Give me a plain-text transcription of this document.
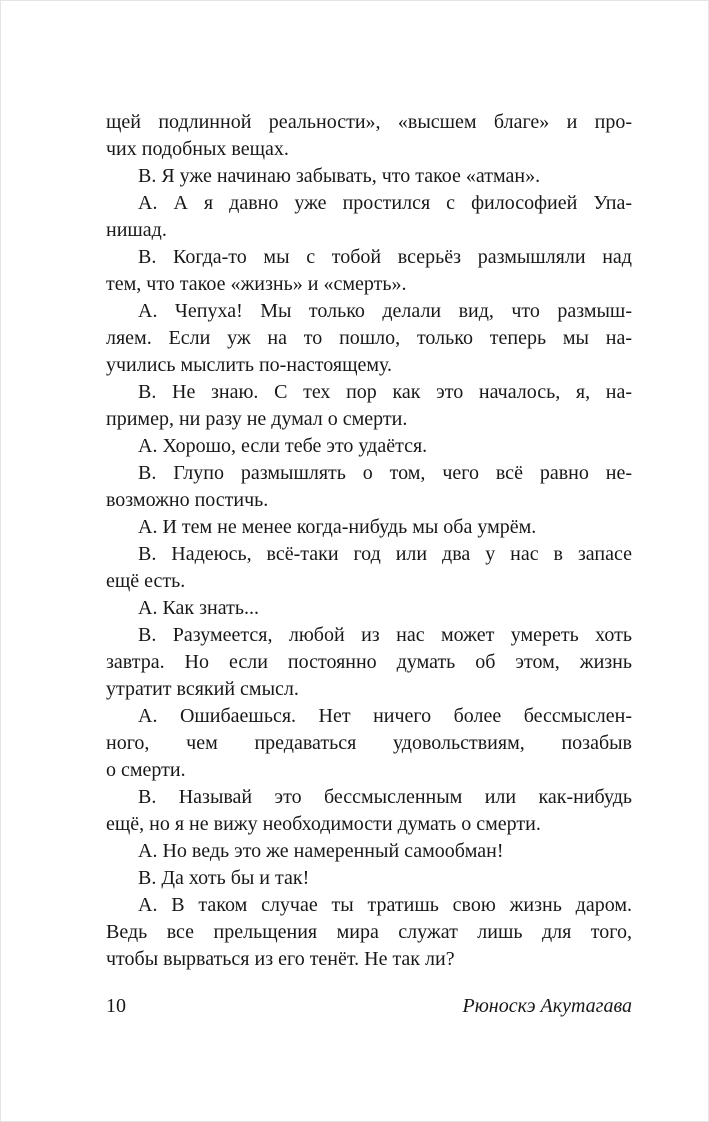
щей подлинной реальности», «высшем благе» и про-
чих подобных вещах.
В. Я уже начинаю забывать, что такое «атман».
А. А я давно уже простился с философией Упа-
нишад.
В. Когда-то мы с тобой всерьёз размышляли над
тем, что такое «жизнь» и «смерть».
А. Чепуха! Мы только делали вид, что размыш-
ляем. Если уж на то пошло, только теперь мы на-
учились мыслить по-настоящему.
В. Не знаю. С тех пор как это началось, я, на-
пример, ни разу не думал о смерти.
А. Хорошо, если тебе это удаётся.
В. Глупо размышлять о том, чего всё равно не-
возможно постичь.
А. И тем не менее когда-нибудь мы оба умрём.
В. Надеюсь, всё-таки год или два у нас в запасе
ещё есть.
А. Как знать...
В. Разумеется, любой из нас может умереть хоть
завтра. Но если постоянно думать об этом, жизнь
утратит всякий смысл.
А. Ошибаешься. Нет ничего более бессмыслен-
ного, чем предаваться удовольствиям, позабыв
о смерти.
В. Называй это бессмысленным или как-нибудь
ещё, но я не вижу необходимости думать о смерти.
А. Но ведь это же намеренный самообман!
В. Да хоть бы и так!
А. В таком случае ты тратишь свою жизнь даром.
Ведь все прельщения мира служат лишь для того,
чтобы вырваться из его тенёт. Не так ли?
10	Рюноскэ Акутагава
